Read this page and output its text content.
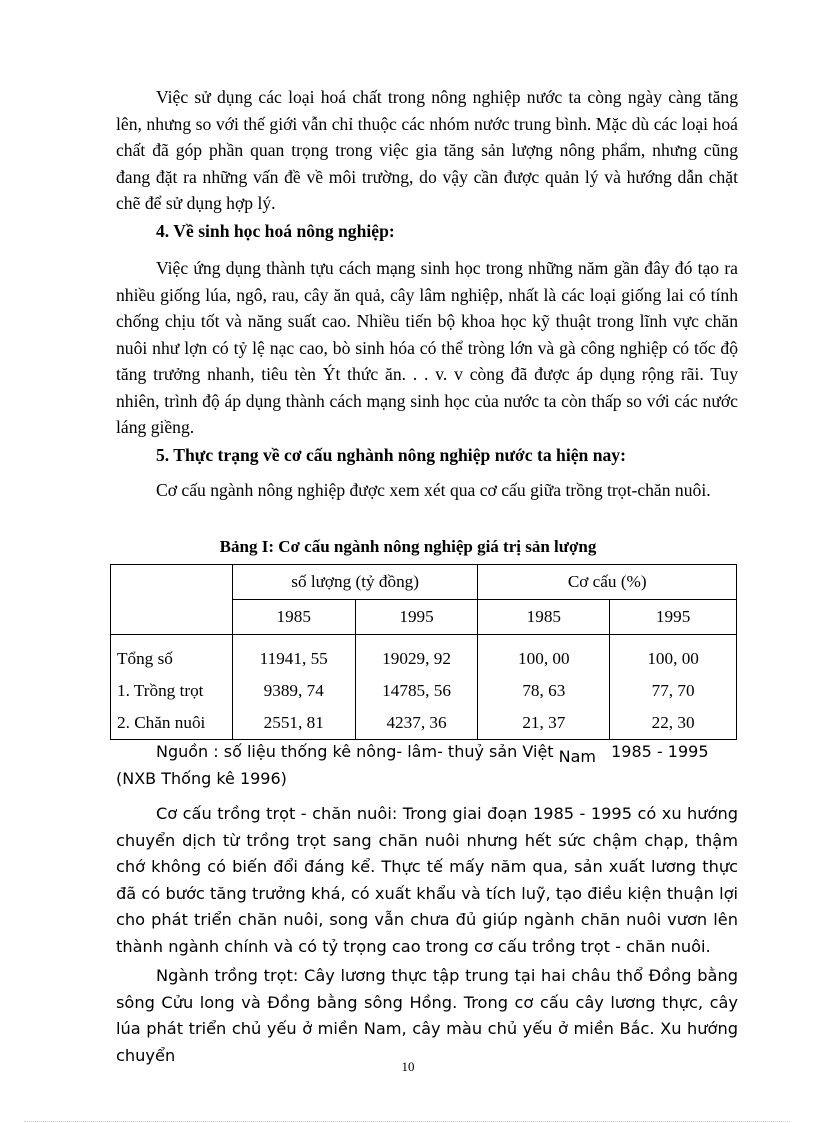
Việc sử dụng các loại hoá chất trong nông nghiệp nước ta còng ngày càng tăng lên, nhưng so với thế giới vẫn chỉ thuộc các nhóm nước trung bình. Mặc dù các loại hoá chất đã góp phần quan trọng trong việc gia tăng sản lượng nông phẩm, nhưng cũng đang đặt ra những vấn đề về môi trường, do vậy cần được quản lý và hướng dẫn chặt chẽ để sử dụng hợp lý.

4. Về sinh học hoá nông nghiệp:

Việc ứng dụng thành tựu cách mạng sinh học trong những năm gần đây đó tạo ra nhiều giống lúa, ngô, rau, cây ăn quả, cây lâm nghiệp, nhất là các loại giống lai có tính chống chịu tốt và năng suất cao. Nhiều tiến bộ khoa học kỹ thuật trong lĩnh vực chăn nuôi như lợn có tỷ lệ nạc cao, bò sinh hóa có thể tròng lớn và gà công nghiệp có tốc độ tăng trưởng nhanh, tiêu tèn Ýt thức ăn. . . v. v còng đã được áp dụng rộng rãi. Tuy nhiên, trình độ áp dụng thành cách mạng sinh học của nước ta còn thấp so với các nước láng giềng.

5. Thực trạng về cơ cấu nghành nông nghiệp nước ta hiện nay:

Cơ cấu ngành nông nghiệp được xem xét qua cơ cấu giữa trồng trọt-chăn nuôi.

Bảng I: Cơ cấu ngành nông nghiệp giá trị sản lượng
	số lượng (tỷ đồng)		Cơ cấu (%)	
	1985	1995	1985	1995
Tổng số	11941, 55	19029, 92	100, 00	100, 00
1. Trồng trọt	9389, 74	14785, 56	78, 63	77, 70
2. Chăn nuôi	2551, 81	4237, 36	21, 37	22, 30

Nguồn : số liệu thống kê nông- lâm- thuỷ sản Việt Nam 1985 - 1995

(NXB Thống kê 1996)

Cơ cấu trồng trọt - chăn nuôi: Trong giai đoạn 1985 - 1995 có xu hướng chuyển dịch từ trồng trọt sang chăn nuôi nhưng hết sức chậm chạp, thậm chớ không có biến đổi đáng kể. Thực tế mấy năm qua, sản xuất lương thực đã có bước tăng trưởng khá, có xuất khẩu và tích luỹ, tạo điều kiện thuận lợi cho phát triển chăn nuôi, song vẫn chưa đủ giúp ngành chăn nuôi vươn lên thành ngành chính và có tỷ trọng cao trong cơ cấu trồng trọt - chăn nuôi.

Ngành trồng trọt: Cây lương thực tập trung tại hai châu thổ Đồng bằng sông Cửu long và Đồng bằng sông Hồng. Trong cơ cấu cây lương thực, cây lúa phát triển chủ yếu ở miền Nam, cây màu chủ yếu ở miền Bắc. Xu hướng chuyển

10
